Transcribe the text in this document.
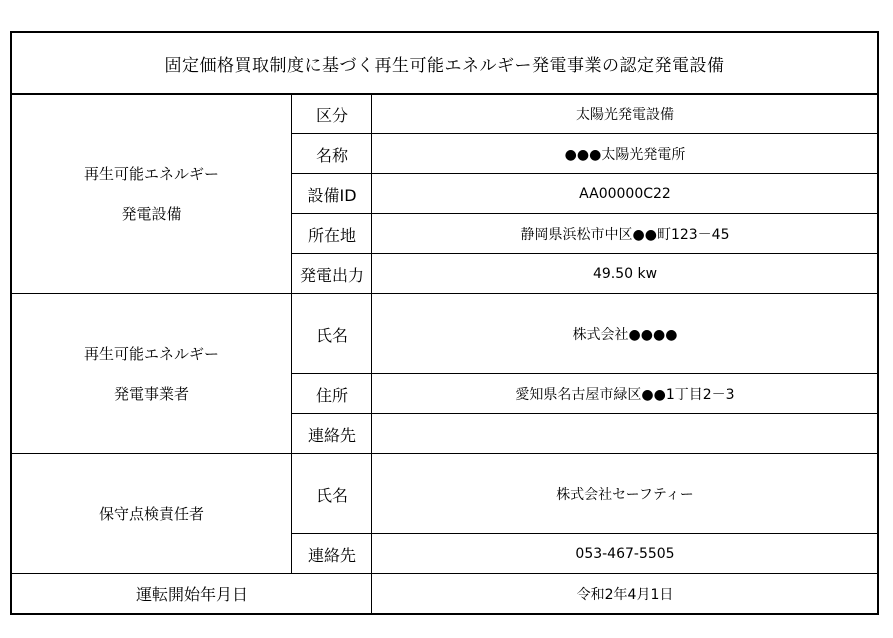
固定価格買取制度に基づく再生可能エネルギー発電事業の認定発電設備
再生可能エネルギー
発電設備
区分	太陽光発電設備
名称	●●●太陽光発電所
設備ID	AA00000C22
所在地	静岡県浜松市中区●●町123－45
発電出力	49.50 kw
再生可能エネルギー
発電事業者
氏名	株式会社●●●●
住所	愛知県名古屋市緑区●●1丁目2－3
連絡先
保守点検責任者
氏名	株式会社セーフティー
連絡先	053-467-5505
運転開始年月日	令和2年4月1日
